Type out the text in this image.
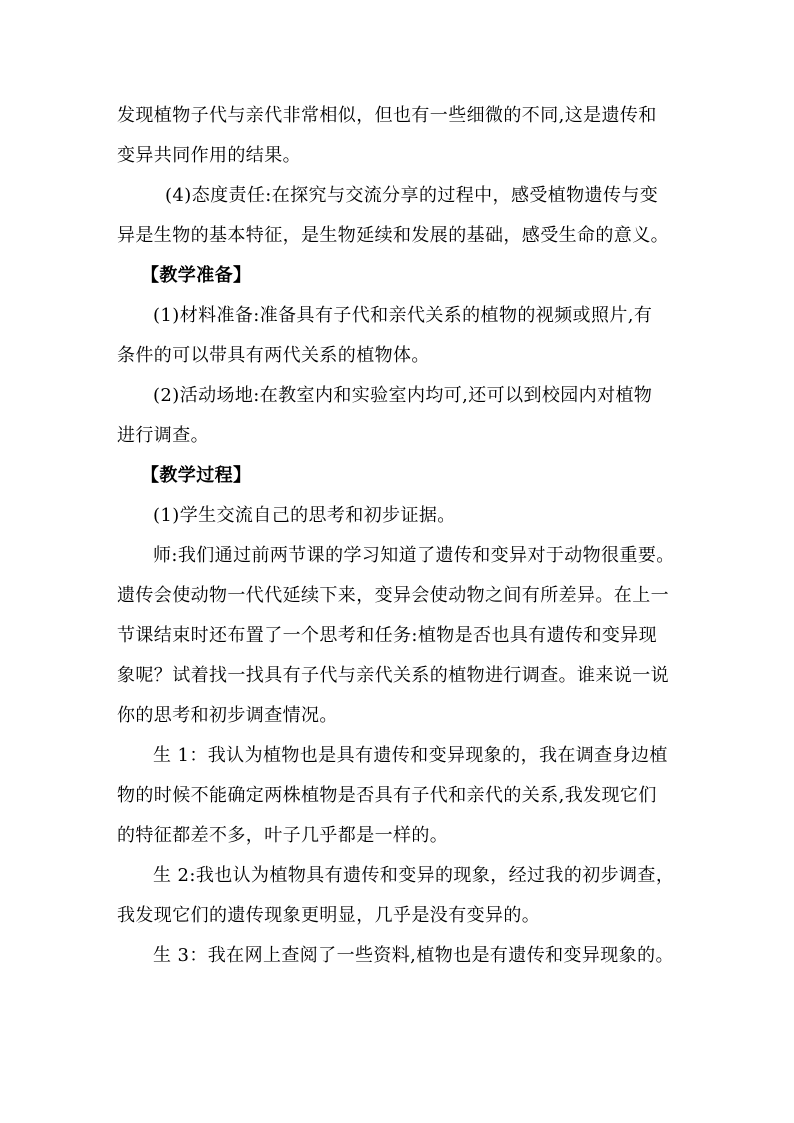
发现植物子代与亲代非常相似，但也有一些细微的不同,这是遗传和
变异共同作用的结果。
(4)态度责任:在探究与交流分享的过程中，感受植物遗传与变
异是生物的基本特征，是生物延续和发展的基础，感受生命的意义。
【教学准备】
(1)材料准备:准备具有子代和亲代关系的植物的视频或照片,有
条件的可以带具有两代关系的植物体。
(2)活动场地:在教室内和实验室内均可,还可以到校园内对植物
进行调查。
【教学过程】
(1)学生交流自己的思考和初步证据。
师:我们通过前两节课的学习知道了遗传和变异对于动物很重要。
遗传会使动物一代代延续下来，变异会使动物之间有所差异。在上一
节课结束时还布置了一个思考和任务:植物是否也具有遗传和变异现
象呢？试着找一找具有子代与亲代关系的植物进行调查。谁来说一说
你的思考和初步调查情况。
生 1：我认为植物也是具有遗传和变异现象的，我在调查身边植
物的时候不能确定两株植物是否具有子代和亲代的关系,我发现它们
的特征都差不多，叶子几乎都是一样的。
生 2:我也认为植物具有遗传和变异的现象，经过我的初步调查，
我发现它们的遗传现象更明显，几乎是没有变异的。
生 3：我在网上查阅了一些资料,植物也是有遗传和变异现象的。
